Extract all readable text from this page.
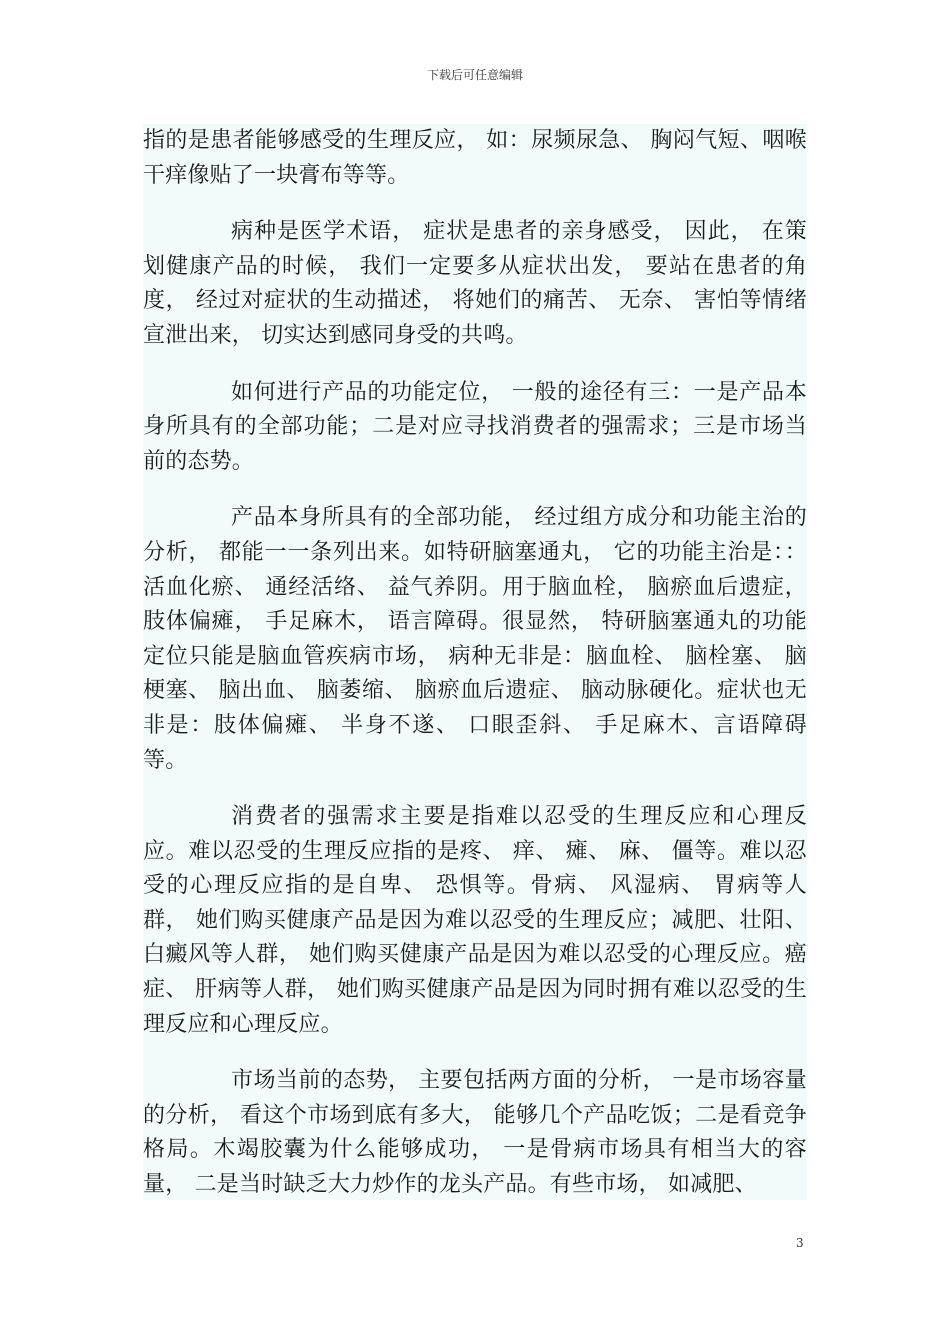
下载后可任意编辑

指的是患者能够感受的生理反应， 如：尿频尿急、 胸闷气短、咽喉干痒像贴了一块膏布等等。

病种是医学术语， 症状是患者的亲身感受， 因此， 在策划健康产品的时候， 我们一定要多从症状出发， 要站在患者的角度， 经过对症状的生动描述， 将她们的痛苦、 无奈、 害怕等情绪宣泄出来， 切实达到感同身受的共鸣。

如何进行产品的功能定位， 一般的途径有三：一是产品本身所具有的全部功能；二是对应寻找消费者的强需求；三是市场当前的态势。

产品本身所具有的全部功能， 经过组方成分和功能主治的分析， 都能一一条列出来。如特研脑塞通丸， 它的功能主治是：：活血化瘀、 通经活络、 益气养阴。用于脑血栓， 脑瘀血后遗症， 肢体偏瘫， 手足麻木， 语言障碍。很显然， 特研脑塞通丸的功能定位只能是脑血管疾病市场， 病种无非是：脑血栓、 脑栓塞、 脑梗塞、 脑出血、 脑萎缩、 脑瘀血后遗症、 脑动脉硬化。症状也无非是：肢体偏瘫、 半身不遂、 口眼歪斜、 手足麻木、言语障碍等。

消费者的强需求主要是指难以忍受的生理反应和心理反应。难以忍受的生理反应指的是疼、 痒、 瘫、 麻、 僵等。难以忍受的心理反应指的是自卑、 恐惧等。骨病、 风湿病、 胃病等人群， 她们购买健康产品是因为难以忍受的生理反应；减肥、壮阳、 白癜风等人群， 她们购买健康产品是因为难以忍受的心理反应。癌症、 肝病等人群， 她们购买健康产品是因为同时拥有难以忍受的生理反应和心理反应。

市场当前的态势， 主要包括两方面的分析， 一是市场容量的分析， 看这个市场到底有多大， 能够几个产品吃饭；二是看竞争格局。木竭胶囊为什么能够成功， 一是骨病市场具有相当大的容量， 二是当时缺乏大力炒作的龙头产品。有些市场， 如减肥、

3
